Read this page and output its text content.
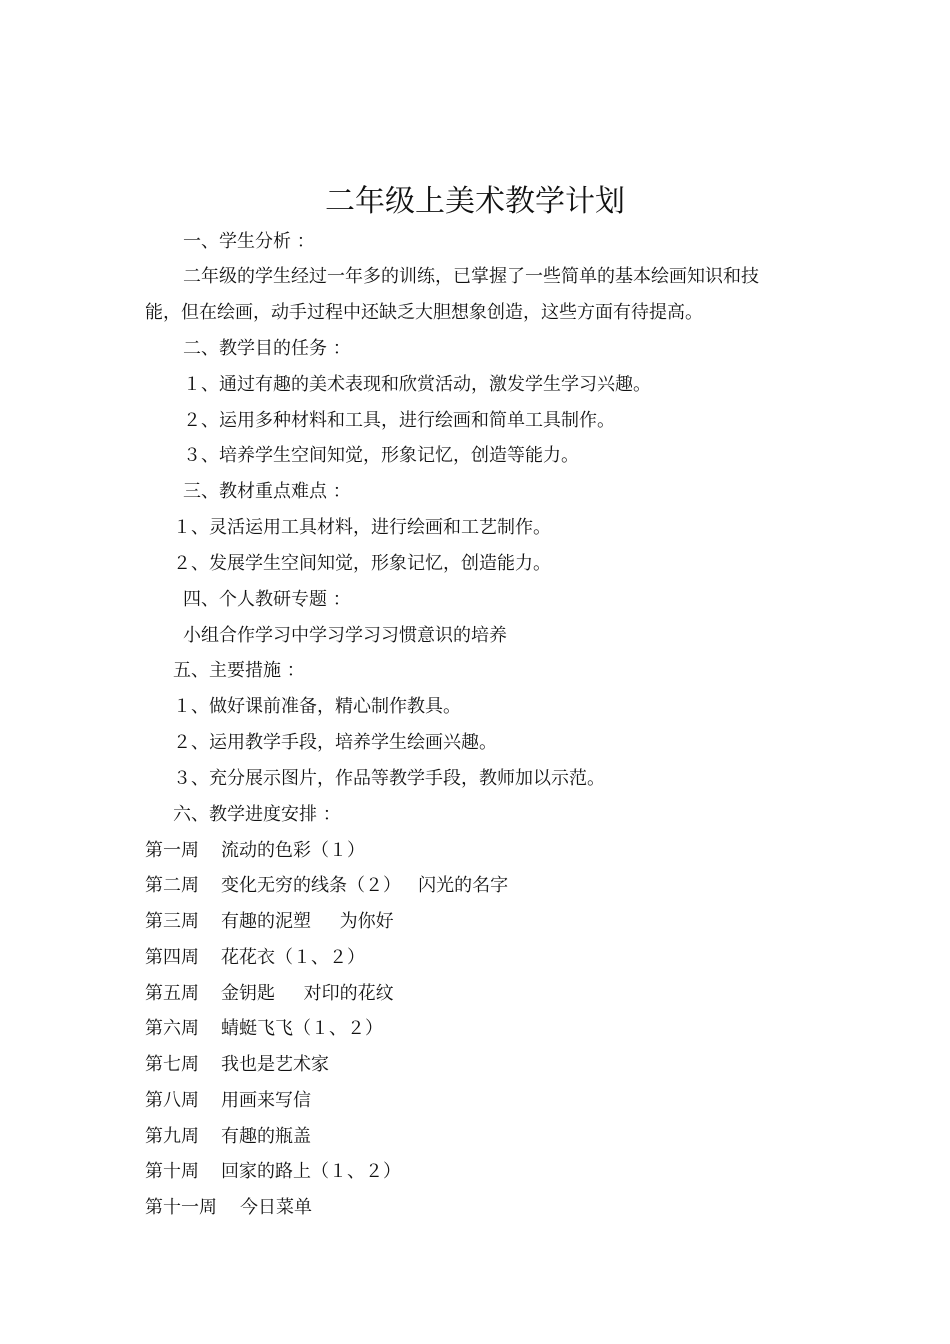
二年级上美术教学计划
一、学生分析 ：
二年级的学生经过一年多的训练，已掌握了一些简单的基本绘画知识和技
能，但在绘画，动手过程中还缺乏大胆想象创造，这些方面有待提高。
二、教学目的任务 ：
１、通过有趣的美术表现和欣赏活动，激发学生学习兴趣。
２、运用多种材料和工具，进行绘画和简单工具制作。
３、培养学生空间知觉，形象记忆，创造等能力。
三、教材重点难点 ：
１、灵活运用工具材料，进行绘画和工艺制作。
２、发展学生空间知觉，形象记忆，创造能力。
四、个人教研专题 ：
小组合作学习中学习学习习惯意识的培养
五、主要措施 ：
１、做好课前准备，精心制作教具。
２、运用教学手段，培养学生绘画兴趣。
３、充分展示图片，作品等教学手段，教师加以示范。
六、教学进度安排 ：
第一周 流动的色彩（１）
第二周 变化无穷的线条（２）   闪光的名字
第三周 有趣的泥塑     为你好
第四周 花花衣（１、２）
第五周 金钥匙     对印的花纹
第六周 蜻蜓飞飞（１、２）
第七周 我也是艺术家
第八周 用画来写信
第九周 有趣的瓶盖
第十周 回家的路上（１、２）
第十一周 今日菜单
